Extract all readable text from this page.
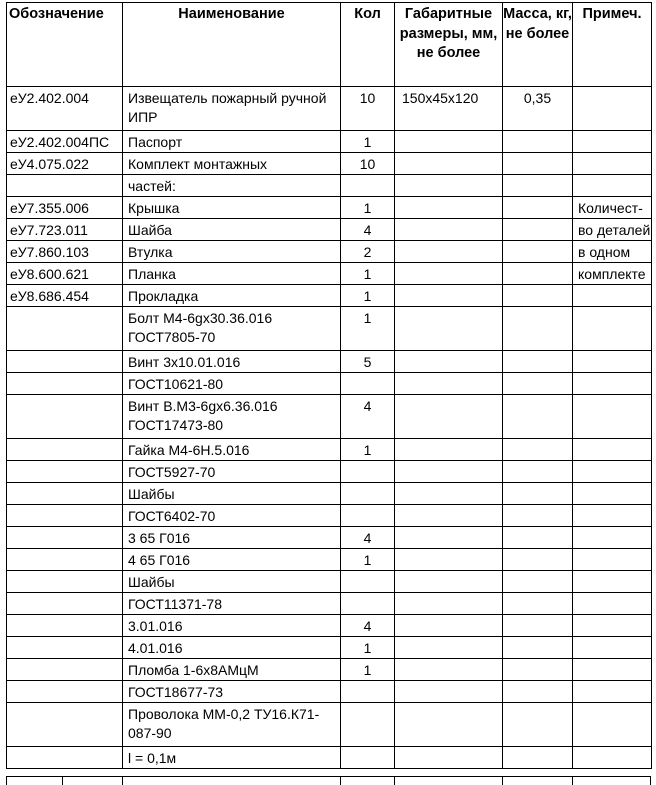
Обозначение	Наименование	Кол	Габаритные размеры, мм, не более	Масса, кг, не более	Примеч.
еУ2.402.004	Извещатель пожарный ручной ИПР	10	150х45х120	0,35	
еУ2.402.004ПС	Паспорт	1			
еУ4.075.022	Комплект монтажных	10			
	частей:				
еУ7.355.006	Крышка	1			Количест-
еУ7.723.011	Шайба	4			во деталей
еУ7.860.103	Втулка	2			в одном
еУ8.600.621	Планка	1			комплекте
еУ8.686.454	Прокладка	1			
	Болт М4-6gх30.36.016 ГОСТ7805-70	1			
	Винт 3х10.01.016	5			
	ГОСТ10621-80				
	Винт В.М3-6gх6.36.016 ГОСТ17473-80	4			
	Гайка М4-6Н.5.016	1			
	ГОСТ5927-70				
	Шайбы				
	ГОСТ6402-70				
	3 65 Г016	4			
	4 65 Г016	1			
	Шайбы				
	ГОСТ11371-78				
	3.01.016	4			
	4.01.016	1			
	Пломба 1-6х8АМцМ	1			
	ГОСТ18677-73				
	Проволока ММ-0,2 ТУ16.К71-087-90				
	l = 0,1м				
